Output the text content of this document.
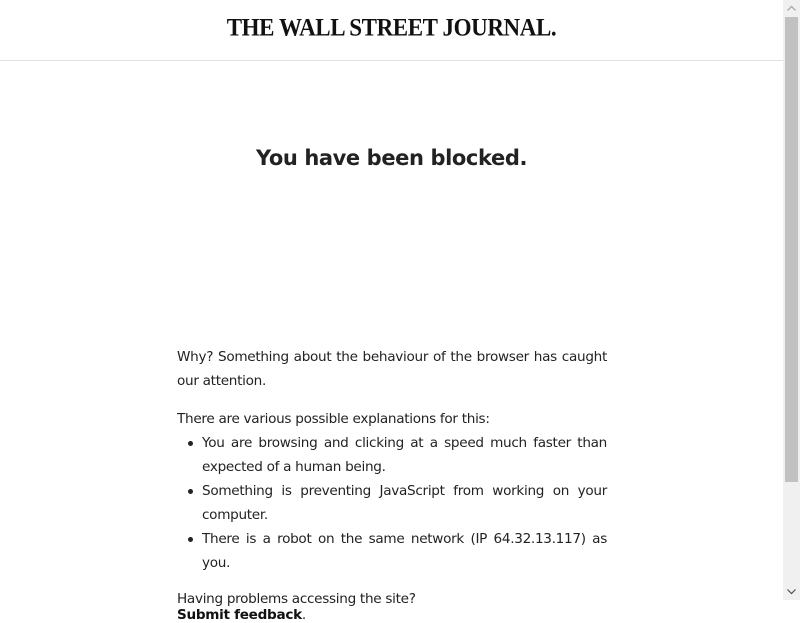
THE WALL STREET JOURNAL.
You have been blocked.

Why? Something about the behaviour of the browser has caught our attention.

There are various possible explanations for this:

You are browsing and clicking at a speed much faster than expected of a human being.
Something is preventing JavaScript from working on your computer.
There is a robot on the same network (IP 64.32.13.117) as you.

Having problems accessing the site?

Submit feedback.
